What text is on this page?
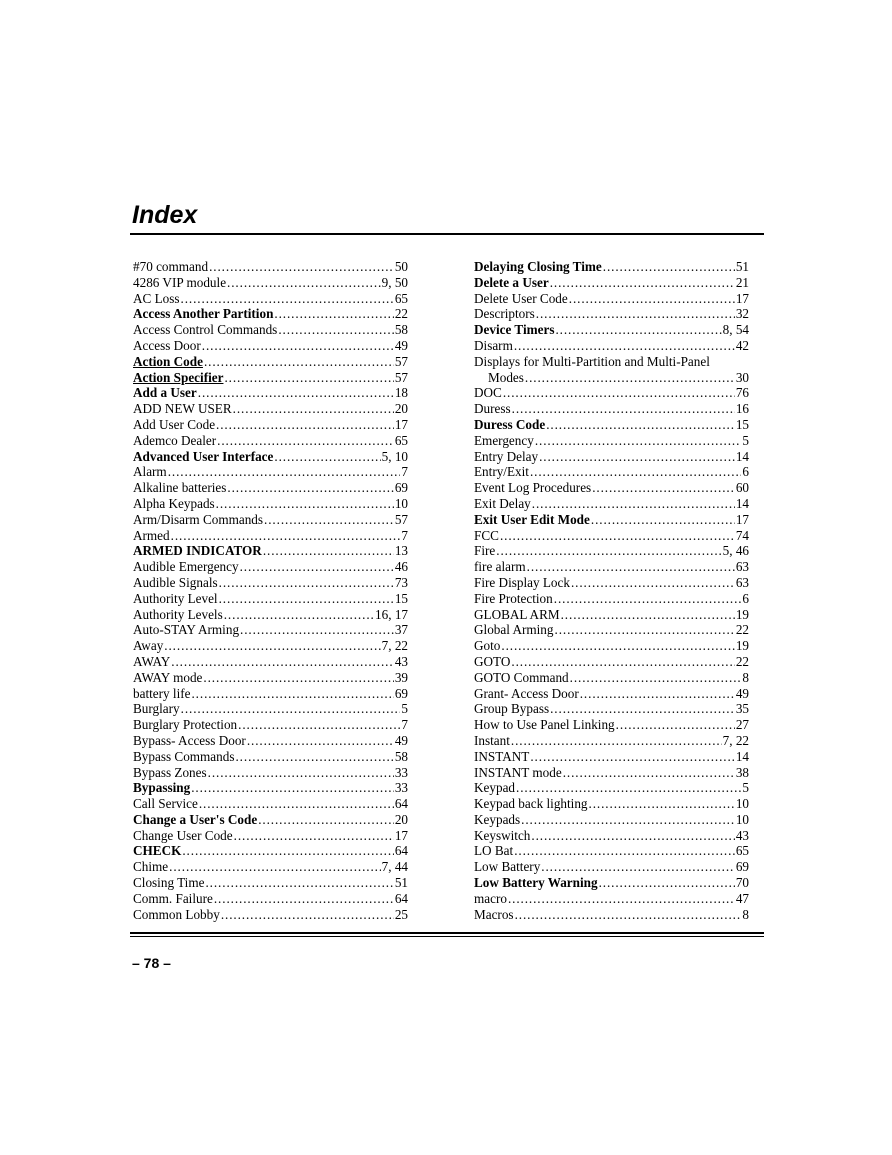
Index
#70 command . . .	50
4286 VIP module . . .	9, 50
AC Loss . . .	65
Access Another Partition . . .	22
Access Control Commands . . .	58
Access Door . . .	49
Action Code . . .	57
Action Specifier . . .	57
Add a User . . .	18
ADD NEW USER . . .	20
Add User Code . . .	17
Ademco Dealer . . .	65
Advanced User Interface . . .	5, 10
Alarm . . .	7
Alkaline batteries . . .	69
Alpha Keypads . . .	10
Arm/Disarm Commands . . .	57
Armed . . .	7
ARMED INDICATOR . . .	13
Audible Emergency . . .	46
Audible Signals . . .	73
Authority Level . . .	15
Authority Levels . . .	16, 17
Auto-STAY Arming . . .	37
Away . . .	7, 22
AWAY . . .	43
AWAY mode . . .	39
battery life . . .	69
Burglary . . .	5
Burglary Protection . . .	7
Bypass- Access Door . . .	49
Bypass Commands . . .	58
Bypass Zones . . .	33
Bypassing . . .	33
Call Service . . .	64
Change a User's Code . . .	20
Change User Code . . .	17
CHECK . . .	64
Chime . . .	7, 44
Closing Time . . .	51
Comm. Failure . . .	64
Common Lobby . . .	25
Delaying Closing Time . . .	51
Delete a User . . .	21
Delete User Code . . .	17
Descriptors . . .	32
Device Timers . . .	8, 54
Disarm . . .	42
Displays for Multi-Partition and Multi-Panel
Modes . . .	30
DOC . . .	76
Duress . . .	16
Duress Code . . .	15
Emergency . . .	5
Entry Delay . . .	14
Entry/Exit . . .	6
Event Log Procedures . . .	60
Exit Delay . . .	14
Exit User Edit Mode . . .	17
FCC . . .	74
Fire . . .	5, 46
fire alarm . . .	63
Fire Display Lock . . .	63
Fire Protection . . .	6
GLOBAL ARM . . .	19
Global Arming . . .	22
Goto . . .	19
GOTO . . .	22
GOTO Command . . .	8
Grant- Access Door . . .	49
Group Bypass . . .	35
How to Use Panel Linking . . .	27
Instant . . .	7, 22
INSTANT . . .	14
INSTANT mode . . .	38
Keypad . . .	5
Keypad back lighting . . .	10
Keypads . . .	10
Keyswitch . . .	43
LO Bat . . .	65
Low Battery . . .	69
Low Battery Warning . . .	70
macro . . .	47
Macros . . .	8
– 78 –
